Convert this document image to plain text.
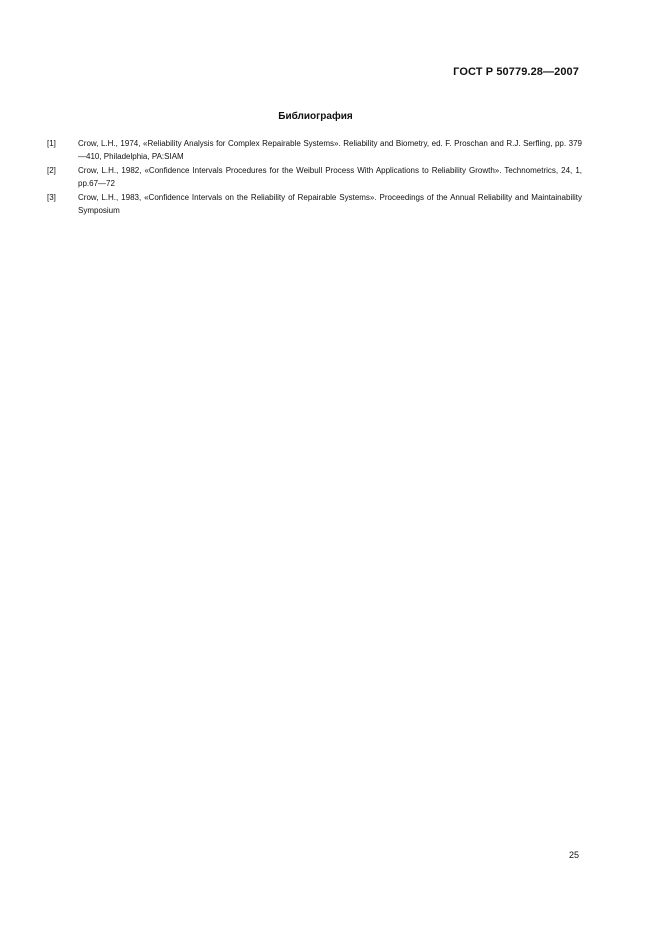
ГОСТ Р 50779.28—2007
Библиография
[1]	Crow, L.H., 1974, «Reliability Analysis for Complex Repairable Systems». Reliability and Biometry, ed. F. Proschan and R.J. Serfling, pp. 379—410, Philadelphia, PA:SIAM
[2]	Crow, L.H., 1982, «Confidence Intervals Procedures for the Weibull Process With Applications to Reliability Growth». Technometrics, 24, 1, pp.67—72
[3]	Crow, L.H., 1983, «Confidence Intervals on the Reliability of Repairable Systems». Proceedings of the Annual Reliability and Maintainability Symposium
25
